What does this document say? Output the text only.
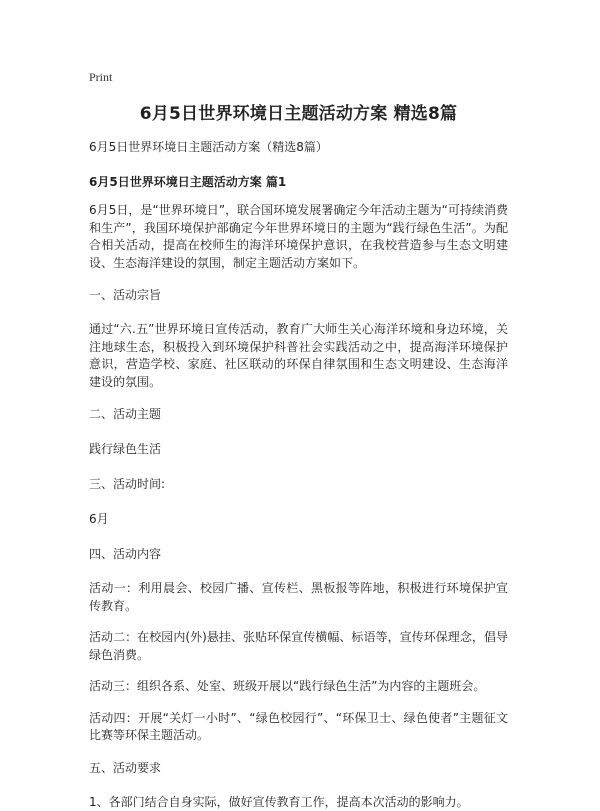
Print
6月5日世界环境日主题活动方案 精选8篇
6月5日世界环境日主题活动方案（精选8篇）
6月5日世界环境日主题活动方案 篇1
6月5日，是“世界环境日”，联合国环境发展署确定今年活动主题为“可持续消费和生产”，我国环境保护部确定今年世界环境日的主题为“践行绿色生活”。为配合相关活动，提高在校师生的海洋环境保护意识，在我校营造参与生态文明建设、生态海洋建设的氛围，制定主题活动方案如下。
一、活动宗旨
通过“六.五”世界环境日宣传活动，教育广大师生关心海洋环境和身边环境，关注地球生态，积极投入到环境保护科普社会实践活动之中，提高海洋环境保护意识，营造学校、家庭、社区联动的环保自律氛围和生态文明建设、生态海洋建设的氛围。
二、活动主题
践行绿色生活
三、活动时间:
6月
四、活动内容
活动一：利用晨会、校园广播、宣传栏、黑板报等阵地，积极进行环境保护宣传教育。
活动二：在校园内(外)悬挂、张贴环保宣传横幅、标语等，宣传环保理念，倡导绿色消费。
活动三：组织各系、处室、班级开展以“践行绿色生活”为内容的主题班会。
活动四：开展“关灯一小时”、“绿色校园行”、“环保卫士、绿色使者”主题征文比赛等环保主题活动。
五、活动要求
1、各部门结合自身实际，做好宣传教育工作，提高本次活动的影响力。
